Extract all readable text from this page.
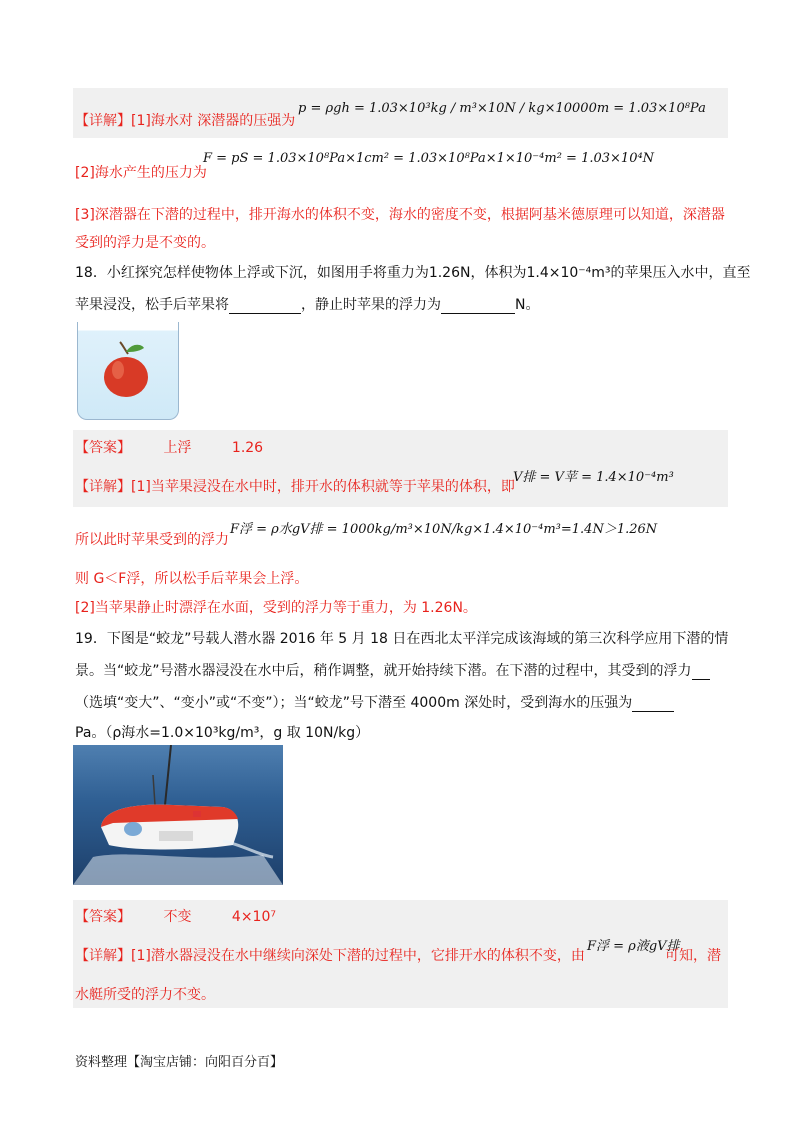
【详解】[1]海水对 深潜器的压强为
p = ρgh = 1.03×10³kg / m³×10N / kg×10000m = 1.03×10⁸Pa
[2]海水产生的压力为
F = pS = 1.03×10⁸Pa×1cm² = 1.03×10⁸Pa×1×10⁻⁴m² = 1.03×10⁴N
[3]深潜器在下潜的过程中，排开海水的体积不变，海水的密度不变，根据阿基米德原理可以知道，深潜器
受到的浮力是不变的。
18．小红探究怎样使物体上浮或下沉，如图用手将重力为1.26N，体积为1.4×10⁻⁴m³的苹果压入水中，直至
苹果浸没，松手后苹果将	，静止时苹果的浮力为	N。
【答案】 上浮	1.26
【详解】[1]当苹果浸没在水中时，排开水的体积就等于苹果的体积，即
V排 = V苹 = 1.4×10⁻⁴m³
所以此时苹果受到的浮力
F浮 = ρ水gV排 = 1000kg/m³×10N/kg×1.4×10⁻⁴m³=1.4N＞1.26N
则 G＜F浮，所以松手后苹果会上浮。
[2]当苹果静止时漂浮在水面，受到的浮力等于重力，为 1.26N。
19．下图是“蛟龙”号载人潜水器 2016 年 5 月 18 日在西北太平洋完成该海域的第三次科学应用下潜的情
景。当“蛟龙”号潜水器浸没在水中后，稍作调整，就开始持续下潜。在下潜的过程中，其受到的浮力
（选填“变大”、“变小”或“不变”）；当“蛟龙”号下潜至 4000m 深处时，受到海水的压强为
Pa。（ρ海水=1.0×10³kg/m³，g 取 10N/kg）
【答案】 不变	4×10⁷
【详解】[1]潜水器浸没在水中继续向深处下潜的过程中，它排开水的体积不变，由
F浮 = ρ液gV排
可知，潜
水艇所受的浮力不变。
资料整理【淘宝店铺：向阳百分百】
